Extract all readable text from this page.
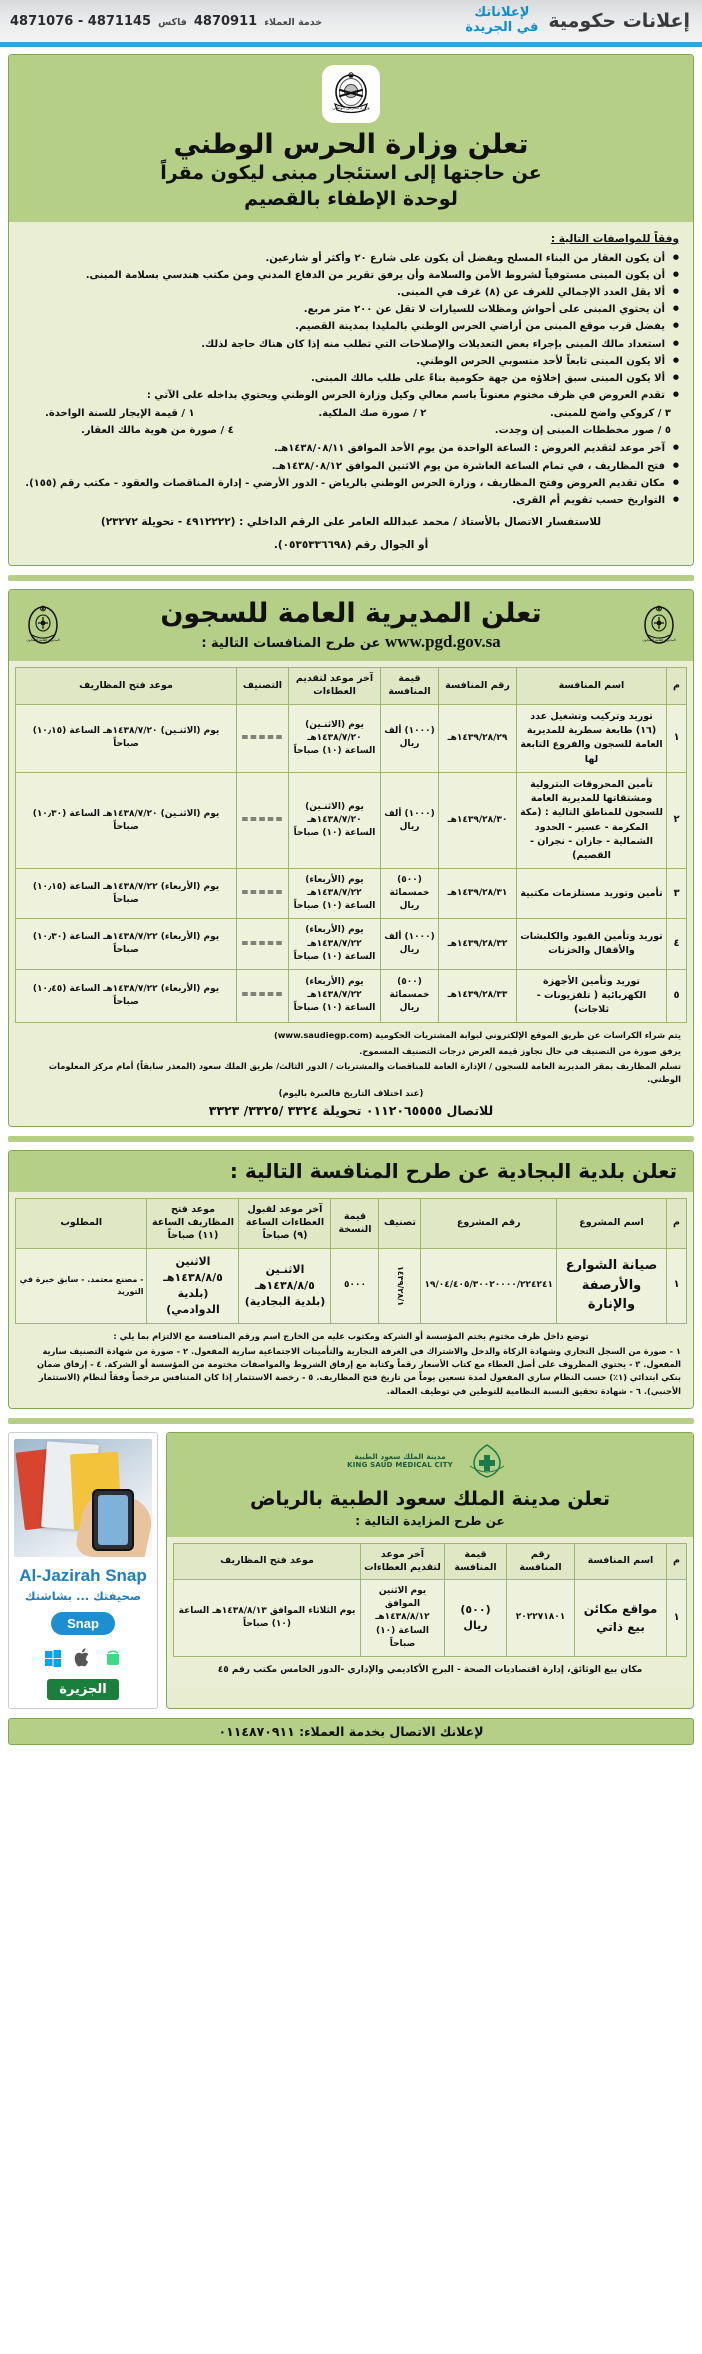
إعلانات حكومية
لإعلاناتك
في الجريدة
خدمة العملاء
4870911
فاكس
4871145 - 4871076
وزارة الحرس الوطني
تعلن وزارة الحرس الوطني
عن حاجتها إلى استئجار مبنى ليكون مقراً
لوحدة الإطفاء بالقصيم
وفقاً للمواصفات التالية :
● أن يكون العقار من البناء المسلح ويفضل أن يكون على شارع ٢٠ وأكثر أو شارعين.
● أن يكون المبنى مستوفياً لشروط الأمن والسلامة وأن يرفق تقرير من الدفاع المدني ومن مكتب هندسي بسلامة المبنى.
● ألا يقل العدد الإجمالي للغرف عن (٨) غرف في المبنى.
● أن يحتوي المبنى على أحواش ومظلات للسيارات لا تقل عن ٢٠٠ متر مربع.
● يفضل قرب موقع المبنى من أراضي الحرس الوطني بالمليدا بمدينة القصيم.
● استعداد مالك المبنى بإجراء بعض التعديلات والإصلاحات التي تطلب منه إذا كان هناك حاجة لذلك.
● ألا يكون المبنى تابعاً لأحد منسوبي الحرس الوطني.
● ألا يكون المبنى سبق إخلاؤه من جهة حكومية بناءً على طلب مالك المبنى.
● تقدم العروض في ظرف مختوم معنوناً باسم معالي وكيل وزارة الحرس الوطني ويحتوي بداخله على الآتي :
٣ / كروكي واضح للمبنى.
٢ / صورة صك الملكية.
١ / قيمة الإيجار للسنة الواحدة.
٥ / صور مخططات المبنى إن وجدت.
٤ / صورة من هوية مالك العقار.
● آخر موعد لتقديم العروض : الساعة الواحدة من يوم الأحد الموافق ١٤٣٨/٠٨/١١هـ.
● فتح المظاريف ، في تمام الساعة العاشرة من يوم الاثنين الموافق ١٤٣٨/٠٨/١٢هـ.
● مكان تقديم العروض وفتح المظاريف ، وزارة الحرس الوطني بالرياض - الدور الأرضي - إدارة المناقصات والعقود - مكتب رقم (١٥٥).
● التواريخ حسب تقويم أم القرى.
للاستفسار الاتصال بالأستاذ / محمد عبدالله العامر على الرقم الداخلي : (٤٩١٢٢٢٢ - تحويلة ٢٣٢٧٢)
أو الجوال رقم (٠٥٣٥٣٣٦٦٩٨).
المديرية العامة للسجون
تعلن المديرية العامة للسجون
www.pgd.gov.sa عن طرح المنافسات التالية :
المديرية العامة للسجون
م	اسم المنافسة	رقم المنافسة	قيمة المنافسة	آخر موعد لتقديم العطاءات	التصنيف	موعد فتح المظاريف
١	توريد وتركيب وتشغيل عدد (١٦) طابعة سطرية للمديرية العامة للسجون والفروع التابعة لها	١٤٣٩/٢٨/٢٩هـ	(١٠٠٠) ألف ريال	يوم (الاثنـين) ١٤٣٨/٧/٢٠هـ الساعة (١٠) صباحاً	=====	يوم (الاثنـين) ١٤٣٨/٧/٢٠هـ الساعة (١٠٫١٥) صباحاً
٢	تأمين المحروقات البترولية ومشتقاتها للمديرية العامة للسجون للمناطق التالية : (مكة المكرمة - عسير - الحدود الشمالية - جازان - نجران - القصيم)	١٤٣٩/٢٨/٣٠هـ	(١٠٠٠) ألف ريال	يوم (الاثنـين) ١٤٣٨/٧/٢٠هـ الساعة (١٠) صباحاً	=====	يوم (الاثنـين) ١٤٣٨/٧/٢٠هـ الساعة (١٠٫٣٠) صباحاً
٣	تأمين وتوريد مستلزمات مكتبية	١٤٣٩/٢٨/٣١هـ	(٥٠٠) خمسمائة ريال	يوم (الأربعاء) ١٤٣٨/٧/٢٢هـ الساعة (١٠) صباحاً	=====	يوم (الأربعاء) ١٤٣٨/٧/٢٢هـ الساعة (١٠٫١٥) صباحاً
٤	توريد وتأمين القيود والكلبشات والأقفال والخزنات	١٤٣٩/٢٨/٣٢هـ	(١٠٠٠) ألف ريال	يوم (الأربعاء) ١٤٣٨/٧/٢٢هـ الساعة (١٠) صباحاً	=====	يوم (الأربعاء) ١٤٣٨/٧/٢٢هـ الساعة (١٠٫٣٠) صباحاً
٥	توريد وتأمين الأجهزة الكهربائية ( تلفزيونات - ثلاجات)	١٤٣٩/٢٨/٣٣هـ	(٥٠٠) خمسمائة ريال	يوم (الأربعاء) ١٤٣٨/٧/٢٢هـ الساعة (١٠) صباحاً	=====	يوم (الأربعاء) ١٤٣٨/٧/٢٢هـ الساعة (١٠٫٤٥) صباحاً

يتم شراء الكراسات عن طريق الموقع الإلكتروني لبوابة المشتريات الحكومية (www.saudiegp.com)

يرفق صورة من التصنيف في حال تجاوز قيمة العرض درجات التصنيف المسموح.

تسلم المظاريف بمقر المديرية العامة للسجون / الإدارة العامة للمناقصات والمشتريات / الدور الثالث/ طريق الملك سعود (المعذر سابقاً) أمام مركز المعلومات الوطني.

(عند اختلاف التاريخ فالعبرة باليوم)
للاتصال ٠١١٢٠٦٥٥٥٥ تحويلة ٣٣٢٤ /٣٣٢٥/ ٣٣٢٣
تعلن بلدية البجادية عن طرح المنافسة التالية :
م	اسم المشروع	رقم المشروع	تصنيف	قيمة النسخة	آخر موعد لقبول العطاءات الساعة (٩) صباحاً	موعد فتح المظاريف الساعة (١١) صباحاً	المطلوب
١	صيانة الشوارع والأرصفة والإنارة	١٩/٠٤/٤٠٥/٣٠٠٢٠٠٠٠/٢٢٤٢٤١	١٤٣٩/٢٨/١	٥٠٠٠	الاثنـين ١٤٣٨/٨/٥هـ (بلدية البجادية)	الاثنين ١٤٣٨/٨/٥هـ (بلدية الدوادمي)	- مصنع معتمد. - سابق خبرة في التوريد

توضع داخل ظرف مختوم بختم المؤسسة أو الشركة ومكتوب عليه من الخارج اسم ورقم المنافسة مع الالتزام بما يلي :

١ - صورة من السجل التجاري وشهادة الزكاة والدخل والاشتراك في الغرفة التجارية والتأمينات الاجتماعية سارية المفعول. ٢ - صورة من شهادة التصنيف سارية المفعول. ٣ - يحتوي المظروف على أصل العطاء مع كتاب الأسعار رقماً وكتابة مع إرفاق الشروط والمواصفات مختومة من المؤسسة أو الشركة. ٤ - إرفاق ضمان بنكي ابتدائي (١٪) حسب النظام ساري المفعول لمدة تسعين يوماً من تاريخ فتح المظاريف. ٥ - رخصة الاستثمار إذا كان المتنافس مرخصاً وفقاً لنظام (الاستثمار الأجنبي). ٦ - شهادة تحقيق النسبة النظامية للتوطين في توظيف العمالة.

مدينة الملك سعود الطبية
KING SAUD MEDICAL CITY
تعلن مدينة الملك سعود الطبية بالرياض
عن طرح المزايدة التالية :
م	اسم المنافسة	رقم المنافسة	قيمة المنافسة	آخر موعد لتقديم العطاءات	موعد فتح المظاريف
١	مواقع مكائن بيع ذاتي	٢٠٢٢٧١٨٠١	(٥٠٠) ريال	يوم الاثنين الموافق ١٤٣٨/٨/١٢هـ الساعة (١٠) صباحاً	يوم الثلاثاء الموافق ١٤٣٨/٨/١٣هـ الساعة (١٠) صباحاً

مكان بيع الوثائق، إدارة اقتصاديات الصحة - البرج الأكاديمي والإداري -الدور الخامس مكتب رقم ٤٥

Al-Jazirah Snap
صحيفتك ... بشاشتك
Snap
الجزيرة
لإعلانك الاتصال بخدمة العملاء: ٠١١٤٨٧٠٩١١
